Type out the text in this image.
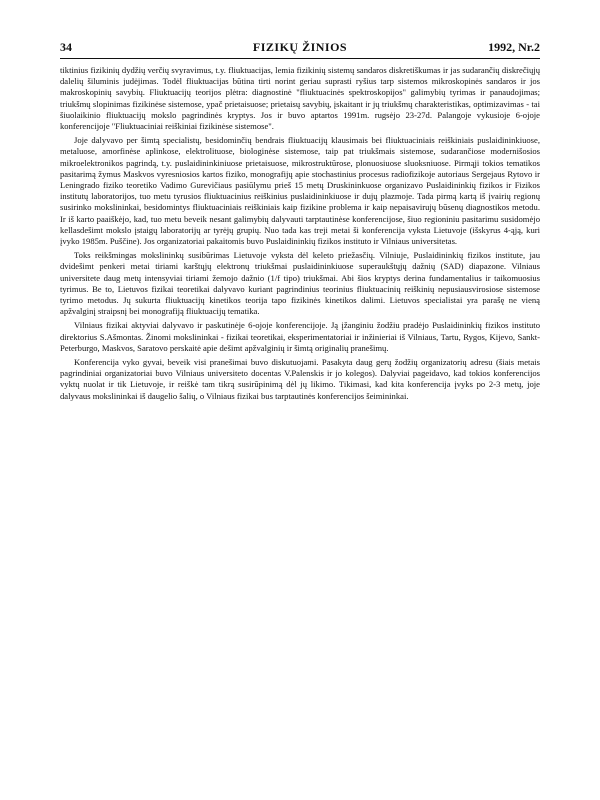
34	FIZIKŲ ŽINIOS	1992, Nr.2

tiktinius fizikinių dydžių verčių svyravimus, t.y. fliuktuacijas, lemia fizikinių sistemų sandaros diskretiškumas ir jas sudarančių diskrečiųjų dalelių šiluminis judėjimas. Todėl fliuktuacijas būtina tirti norint geriau suprasti ryšius tarp sistemos mikroskopinės sandaros ir jos makroskopinių savybių. Fliuktuacijų teorijos plėtra: diagnostinė "fliuktuacinės spektroskopijos" galimybių tyrimas ir panaudojimas; triukšmų slopinimas fizikinėse sistemose, ypač prietaisuose; prietaisų savybių, įskaitant ir jų triukšmų charakteristikas, optimizavimas - tai šiuolaikinio fliuktuacijų mokslo pagrindinės kryptys. Jos ir buvo aptartos 1991m. rugsėjo 23-27d. Palangoje vykusioje 6-ojoje konferencijoje "Fliuktuaciniai reiškiniai fizikinėse sistemose".

Joje dalyvavo per šimtą specialistų, besidominčių bendrais fliuktuacijų klausimais bei fliuktuaciniais reiškiniais puslaidininkiuose, metaluose, amorfinėse aplinkose, elektrolituose, biologinėse sistemose, taip pat triukšmais sistemose, sudarančiose modernišosios mikroelektronikos pagrindą, t.y. puslaidininkiniuose prietaisuose, mikrostruktūrose, plonuosiuose sluoksniuose. Pirmąji tokios tematikos pasitarimą žymus Maskvos vyresniosios kartos fiziko, monografijų apie stochastinius procesus radiofizikoje autoriaus Sergejaus Rytovo ir Leningrado fiziko teoretiko Vadimo Gurevičiaus pasiūlymu prieš 15 metų Druskininkuose organizavo Puslaidininkių fizikos ir Fizikos institutų laboratorijos, tuo metu tyrusios fliuktuacinius reiškinius puslaidininkiuose ir dujų plazmoje. Tada pirmą kartą iš įvairių regionų susirinko mokslininkai, besidomintys fliuktuaciniais reiškiniais kaip fizikine problema ir kaip nepaisavirujų būsenų diagnostikos metodu. Ir iš karto paaiškėjo, kad, tuo metu beveik nesant galimybių dalyvauti tarptautinėse konferencijose, šiuo regioniniu pasitarimu susidomėjo kellasdešimt mokslo įstaigų laboratorijų ar tyrėjų grupių. Nuo tada kas treji metai ši konferencija vyksta Lietuvoje (išskyrus 4-ąją, kuri įvyko 1985m. Puščine). Jos organizatoriai pakaitomis buvo Puslaidininkių fizikos instituto ir Vilniaus universitetas.

Toks reikšmingas mokslininkų susibūrimas Lietuvoje vyksta dėl keleto priežasčių. Vilniuje, Puslaidininkių fizikos institute, jau dvidešimt penkeri metai tiriami karštųjų elektronų triukšmai puslaidininkiuose superaukštųjų dažnių (SAD) diapazone. Vilniaus universitete daug metų intensyviai tiriami žemojo dažnio (1/f tipo) triukšmai. Abi šios kryptys derina fundamentalius ir taikomuosius tyrimus. Be to, Lietuvos fizikai teoretikai dalyvavo kuriant pagrindinius teorinius fliuktuacinių reiškinių nepusiausvirosiose sistemose tyrimo metodus. Jų sukurta fliuktuacijų kinetikos teorija tapo fizikinės kinetikos dalimi. Lietuvos specialistai yra parašę ne vieną apžvalginį straipsnį bei monografiją fliuktuacijų tematika.

Vilniaus fizikai aktyviai dalyvavo ir paskutinėje 6-ojoje konferencijoje. Ją įžanginiu žodžiu pradėjo Puslaidininkių fizikos instituto direktorius S.Ašmontas. Žinomi mokslininkai - fizikai teoretikai, eksperimentatoriai ir inžinieriai iš Vilniaus, Tartu, Rygos, Kijevo, Sankt-Peterburgo, Maskvos, Saratovo perskaitė apie dešimt apžvalginių ir šimtą originalių pranešimų.

Konferencija vyko gyvai, beveik visi pranešimai buvo diskutuojami. Pasakyta daug gerų žodžių organizatorių adresu (šiais metais pagrindiniai organizatoriai buvo Vilniaus universiteto docentas V.Palenskis ir jo kolegos). Dalyviai pageidavo, kad tokios konferencijos vyktų nuolat ir tik Lietuvoje, ir reiškė tam tikrą susirūpinimą dėl jų likimo. Tikimasi, kad kita konferencija įvyks po 2-3 metų, joje dalyvaus mokslininkai iš daugelio šalių, o Vilniaus fizikai bus tarptautinės konferencijos šeimininkai.
